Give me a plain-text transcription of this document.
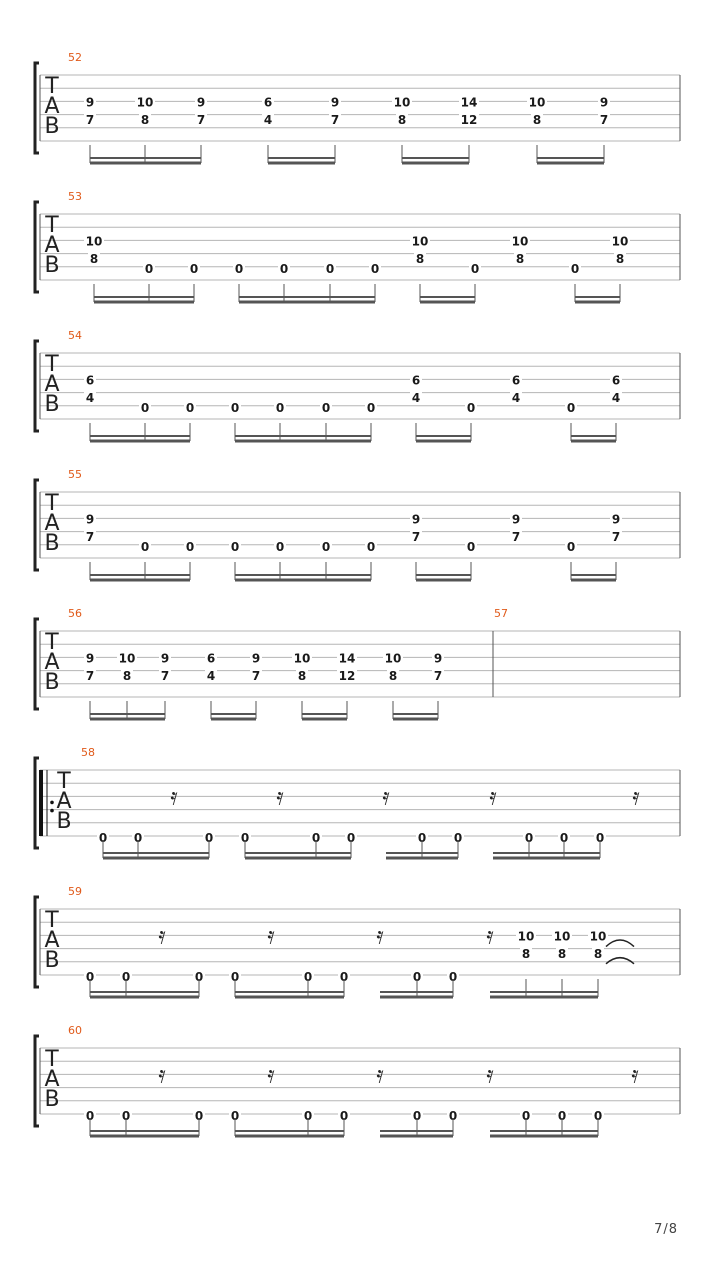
T
A
B
52
9
7
10
8
9
7
6
4
9
7
10
8
14
12
10
8
9
7
T
A
B
53
10
8
0	0	0	0	0	0
10
8
0
10
8
0
10
8
T
A
B
54
6
4
0	0	0	0	0	0
6
4
0
6
4
0
6
4
T
A
B
55
9
7
0	0	0	0	0	0
9
7
0
9
7
0
9
7
T
A
B
56	57
9
7
10
8
9
7
6
4
9
7
10
8
14
12
10
8
9
7
T
A
B
58
0 0
𝄿
0 0
𝄿
0 0
𝄿
0 0
𝄿
0 0 0
𝄿
T
A
B
59
0 0
𝄿
0 0
𝄿
0 0
𝄿
0 0
𝄿 10
8
10
8
10
8
T
A
B
60
0 0
𝄿
0 0
𝄿
0 0
𝄿
0 0
𝄿
0 0 0
𝄿
7/8
